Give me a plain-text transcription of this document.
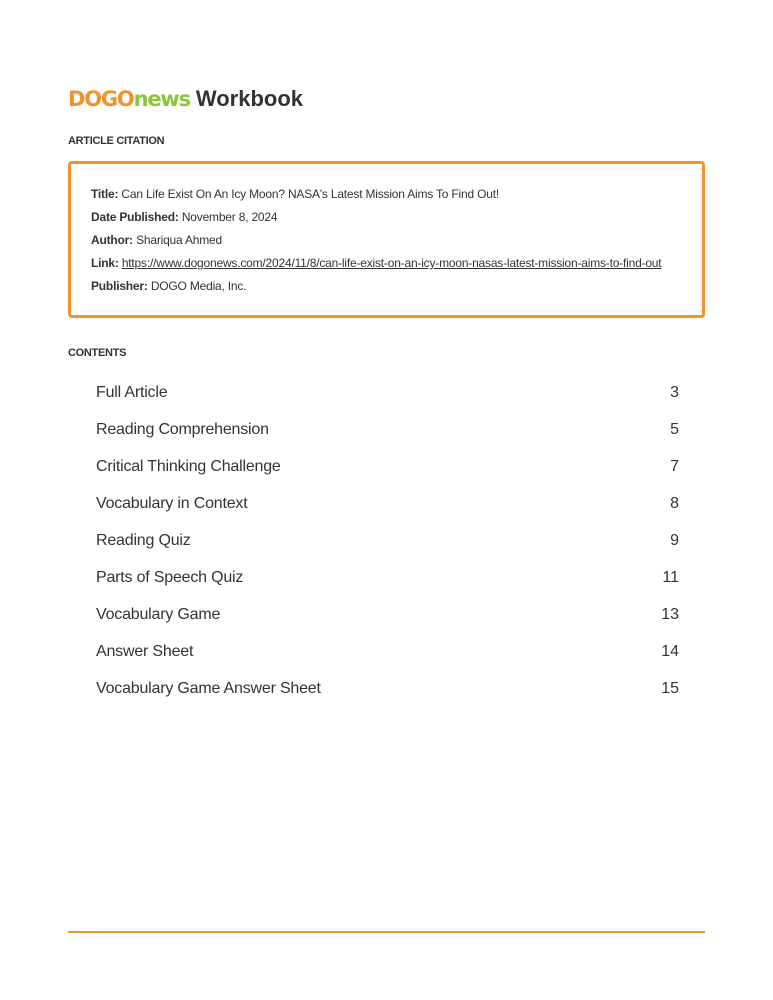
DOGO news Workbook
ARTICLE CITATION
Title: Can Life Exist On An Icy Moon? NASA's Latest Mission Aims To Find Out!
Date Published: November 8, 2024
Author: Shariqua Ahmed
Link: https://www.dogonews.com/2024/11/8/can-life-exist-on-an-icy-moon-nasas-latest-mission-aims-to-find-out
Publisher: DOGO Media, Inc.
CONTENTS
Full Article	3
Reading Comprehension	5
Critical Thinking Challenge	7
Vocabulary in Context	8
Reading Quiz	9
Parts of Speech Quiz	11
Vocabulary Game	13
Answer Sheet	14
Vocabulary Game Answer Sheet	15
